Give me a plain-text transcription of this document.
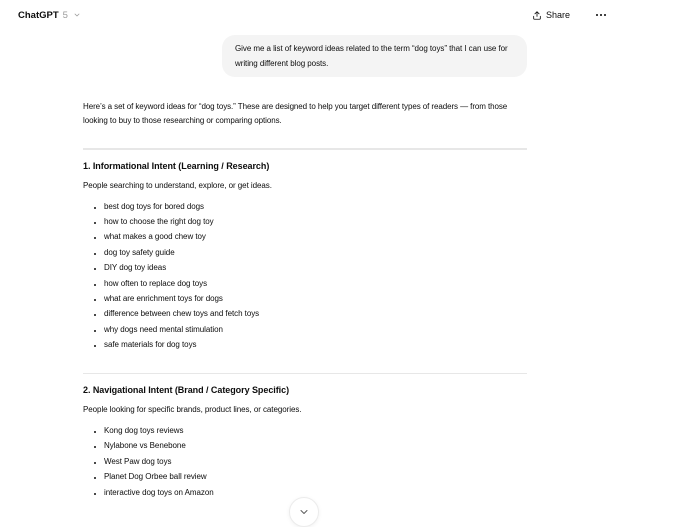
ChatGPT 5	Share
Give me a list of keyword ideas related to the term “dog toys” that I can use for writing different blog posts.

Here’s a set of keyword ideas for “dog toys.” These are designed to help you target different types of readers — from those looking to buy to those researching or comparing options.

1. Informational Intent (Learning / Research)

People searching to understand, explore, or get ideas.

• best dog toys for bored dogs
• how to choose the right dog toy
• what makes a good chew toy
• dog toy safety guide
• DIY dog toy ideas
• how often to replace dog toys
• what are enrichment toys for dogs
• difference between chew toys and fetch toys
• why dogs need mental stimulation
• safe materials for dog toys
2. Navigational Intent (Brand / Category Specific)

People looking for specific brands, product lines, or categories.

• Kong dog toys reviews
• Nylabone vs Benebone
• West Paw dog toys
• Planet Dog Orbee ball review
• interactive dog toys on Amazon
